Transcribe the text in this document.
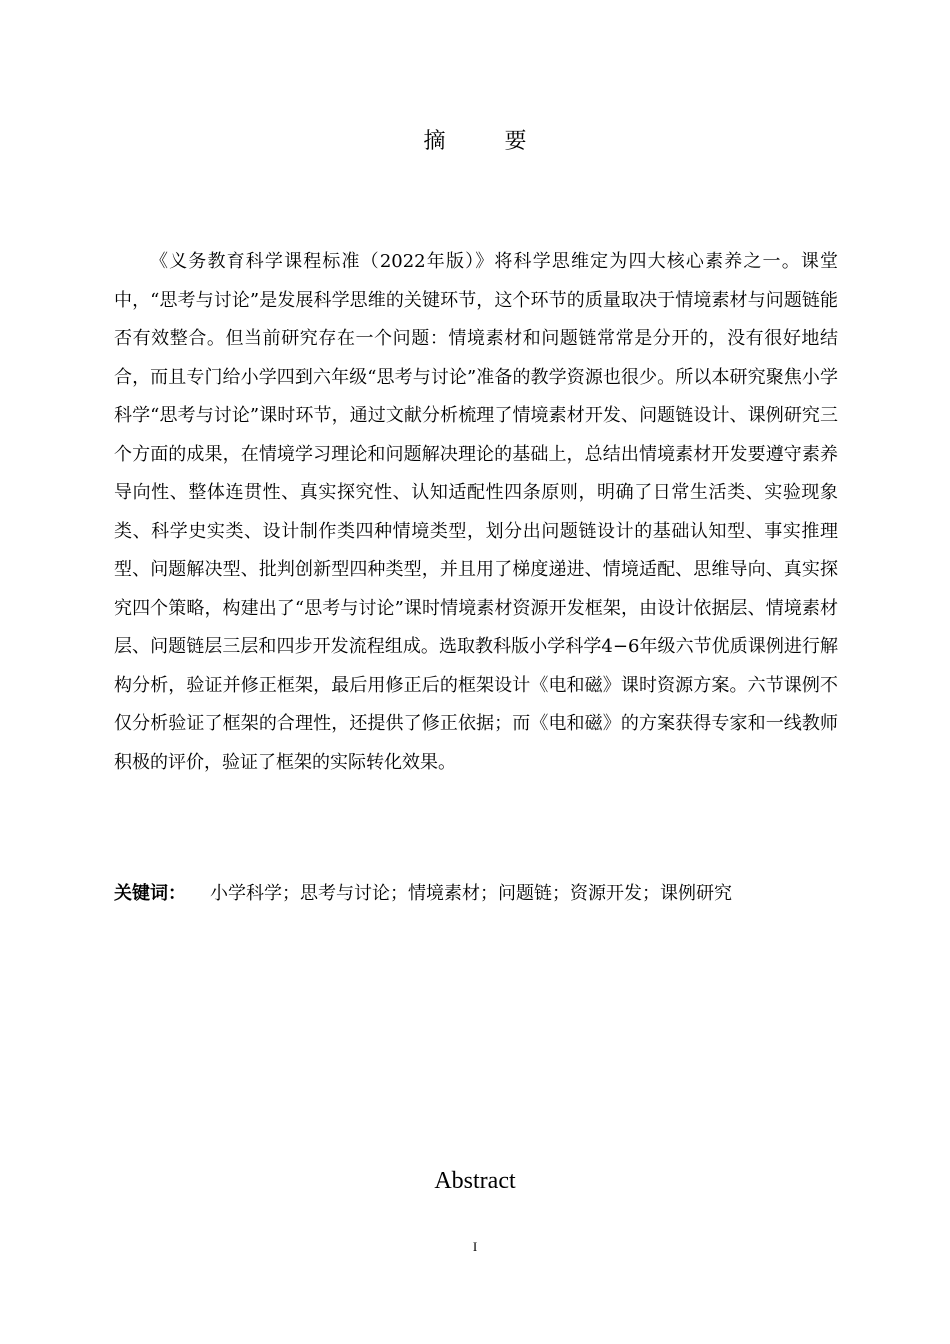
摘 要

《义务教育科学课程标准（2022年版）》将科学思维定为四大核心素养之一。课堂中，“思考与讨论”是发展科学思维的关键环节，这个环节的质量取决于情境素材与问题链能否有效整合。但当前研究存在一个问题：情境素材和问题链常常是分开的，没有很好地结合，而且专门给小学四到六年级“思考与讨论”准备的教学资源也很少。所以本研究聚焦小学科学“思考与讨论”课时环节，通过文献分析梳理了情境素材开发、问题链设计、课例研究三个方面的成果，在情境学习理论和问题解决理论的基础上，总结出情境素材开发要遵守素养导向性、整体连贯性、真实探究性、认知适配性四条原则，明确了日常生活类、实验现象类、科学史实类、设计制作类四种情境类型，划分出问题链设计的基础认知型、事实推理型、问题解决型、批判创新型四种类型，并且用了梯度递进、情境适配、思维导向、真实探究四个策略，构建出了“思考与讨论”课时情境素材资源开发框架，由设计依据层、情境素材层、问题链层三层和四步开发流程组成。选取教科版小学科学4−6年级六节优质课例进行解构分析，验证并修正框架，最后用修正后的框架设计《电和磁》课时资源方案。六节课例不仅分析验证了框架的合理性，还提供了修正依据；而《电和磁》的方案获得专家和一线教师积极的评价，验证了框架的实际转化效果。

关键词： 小学科学；思考与讨论；情境素材；问题链；资源开发；课例研究
Abstract
I
